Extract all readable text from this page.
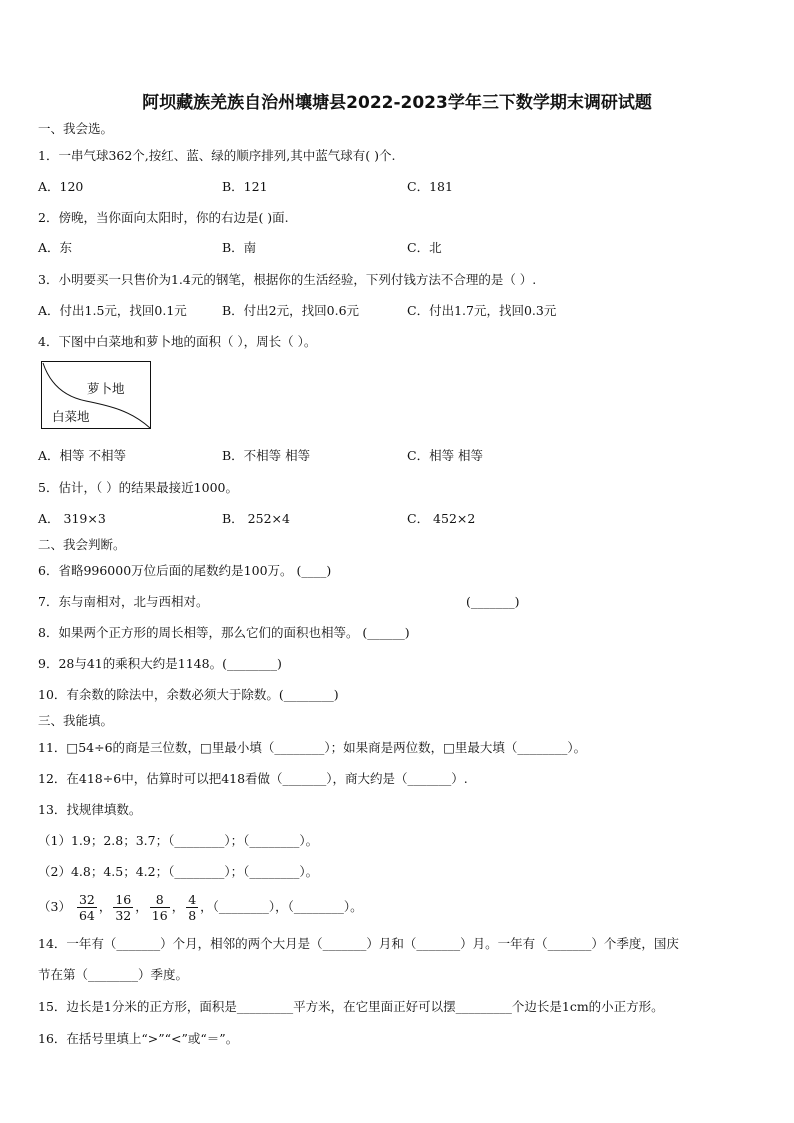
阿坝藏族羌族自治州壤塘县2022-2023学年三下数学期末调研试题
一、我会选。
1．一串气球362个,按红、蓝、绿的顺序排列,其中蓝气球有( )个.
A．120	B．121	C．181
2．傍晚，当你面向太阳时，你的右边是( )面.
A．东	B．南	C．北
3．小明要买一只售价为1.4元的钢笔，根据你的生活经验，下列付钱方法不合理的是（ ）.
A．付出1.5元，找回0.1元	B．付出2元，找回0.6元	C．付出1.7元，找回0.3元
4．下图中白菜地和萝卜地的面积（ ），周长（ ）。
萝卜地
白菜地
A．相等 不相等	B．不相等 相等	C．相等 相等
5．估计，（ ）的结果最接近1000。
A． 319×3	B． 252×4	C． 452×2
二、我会判断。
6．省略996000万位后面的尾数约是100万。 (____)
7．东与南相对，北与西相对。	(_______)
8．如果两个正方形的周长相等，那么它们的面积也相等。 (______)
9．28与41的乘积大约是1148。(________)
10．有余数的除法中，余数必须大于除数。(________)
三、我能填。
11．□54÷6的商是三位数，□里最小填（________）；如果商是两位数，□里最大填（________）。
12．在418÷6中，估算时可以把418看做（_______），商大约是（_______）.
13．找规律填数。
（1）1.9；2.8；3.7；（________）；（________）。
（2）4.8；4.5；4.2；（________）；（________）。
$(3) \frac{32}{64}$ ， $\frac{16}{32}$ ， $\frac{8}{16}$ ， $\frac{4}{8}$ ，（________），（________）。
14．一年有（_______）个月，相邻的两个大月是（_______）月和（_______）月。一年有（_______）个季度，国庆
节在第（________）季度。
15．边长是1分米的正方形，面积是_________平方米，在它里面正好可以摆_________个边长是1cm的小正方形。
16．在括号里填上“>”“<”或“＝”。
